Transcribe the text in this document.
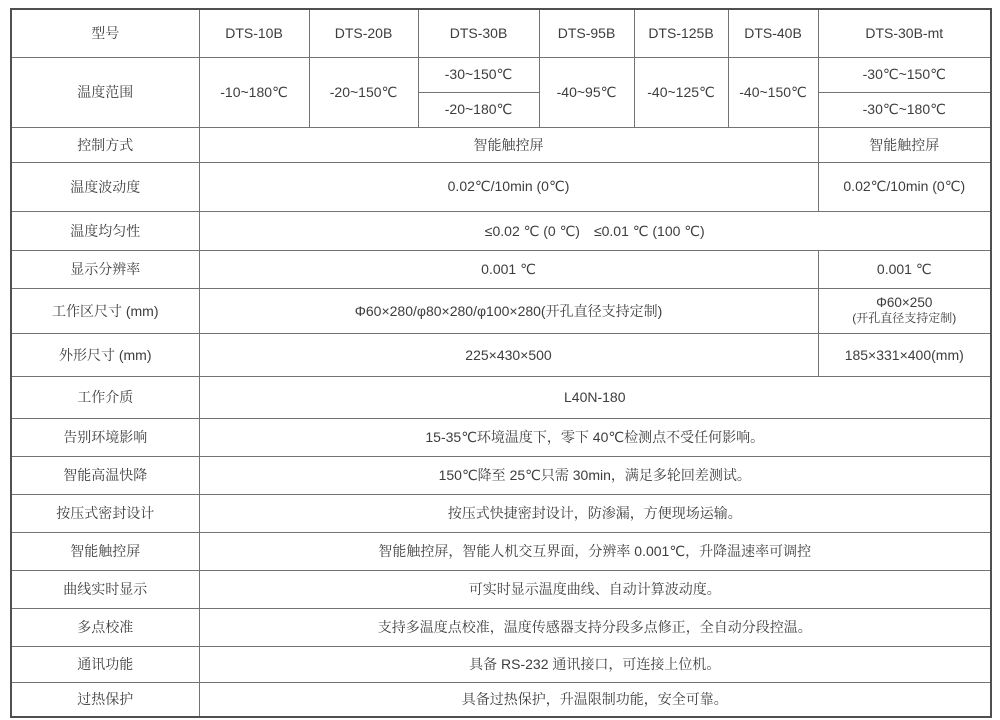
型号	DTS-10B	DTS-20B	DTS-30B	DTS-95B	DTS-125B	DTS-40B	DTS-30B-mt
温度范围	-10~180℃	-20~150℃	-30~150℃	-40~95℃	-40~125℃	-40~150℃	-30℃~150℃
			-20~180℃				-30℃~180℃
控制方式	智能触控屏						智能触控屏
温度波动度	0.02℃/10min (0℃)						0.02℃/10min (0℃)
温度均匀性	≤0.02 ℃ (0 ℃)　≤0.01 ℃ (100 ℃)						
显示分辨率	0.001 ℃						0.001 ℃
工作区尺寸 (mm)	Φ60×280/φ80×280/φ100×280(开孔直径支持定制)						Φ60×250
(开孔直径支持定制)

外形尺寸 (mm)	225×430×500						185×331×400(mm)
工作介质	L40N-180						
告别环境影响	15-35℃环境温度下，零下 40℃检测点不受任何影响。						
智能高温快降	150℃降至 25℃只需 30min，满足多轮回差测试。						
按压式密封设计	按压式快捷密封设计，防渗漏，方便现场运输。						
智能触控屏	智能触控屏，智能人机交互界面，分辨率 0.001℃，升降温速率可调控						
曲线实时显示	可实时显示温度曲线、自动计算波动度。						
多点校准	支持多温度点校准，温度传感器支持分段多点修正，全自动分段控温。						
通讯功能	具备 RS-232 通讯接口，可连接上位机。						
过热保护	具备过热保护，升温限制功能，安全可靠。						
